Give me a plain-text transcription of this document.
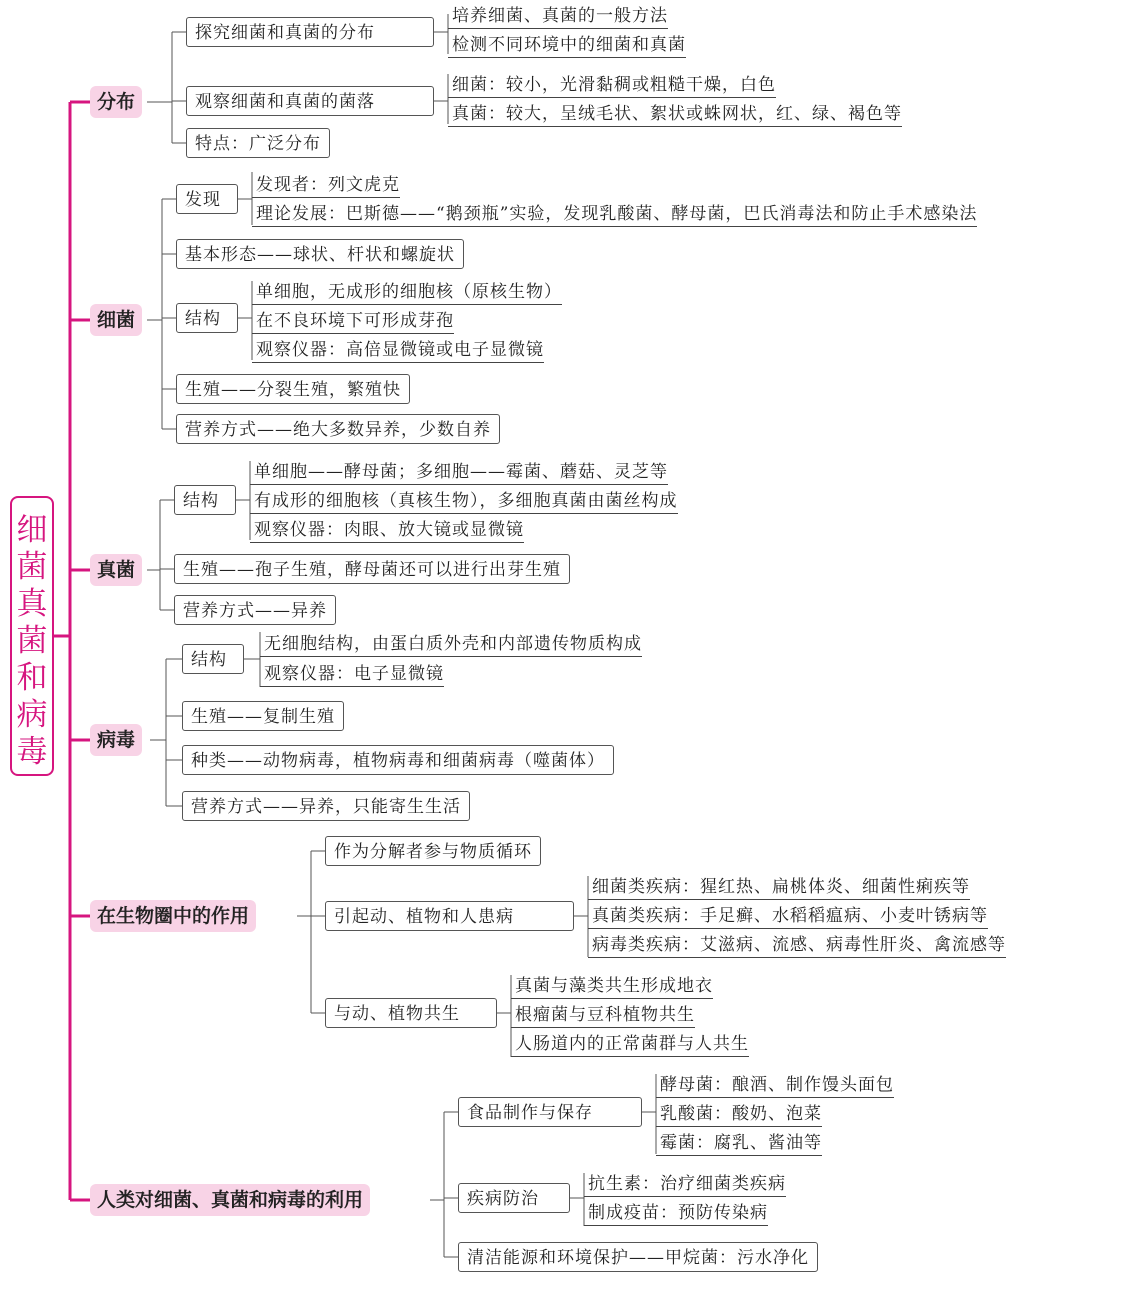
细
菌
真
菌
和
病
毒
分布
探究细菌和真菌的分布
培养细菌、真菌的一般方法
检测不同环境中的细菌和真菌
观察细菌和真菌的菌落
细菌：较小，光滑黏稠或粗糙干燥，白色
真菌：较大，呈绒毛状、絮状或蛛网状，红、绿、褐色等
特点：广泛分布
细菌
发现
发现者：列文虎克
理论发展：巴斯德——“鹅颈瓶”实验，发现乳酸菌、酵母菌，巴氏消毒法和防止手术感染法
基本形态——球状、杆状和螺旋状
结构
单细胞，无成形的细胞核（原核生物）
在不良环境下可形成芽孢
观察仪器：高倍显微镜或电子显微镜
生殖——分裂生殖，繁殖快
营养方式——绝大多数异养，少数自养
真菌
结构
单细胞——酵母菌；多细胞——霉菌、蘑菇、灵芝等
有成形的细胞核（真核生物），多细胞真菌由菌丝构成
观察仪器：肉眼、放大镜或显微镜
生殖——孢子生殖，酵母菌还可以进行出芽生殖
营养方式——异养
病毒
结构
无细胞结构，由蛋白质外壳和内部遗传物质构成
观察仪器：电子显微镜
生殖——复制生殖
种类——动物病毒，植物病毒和细菌病毒（噬菌体）
营养方式——异养，只能寄生生活
在生物圈中的作用
作为分解者参与物质循环
引起动、植物和人患病
细菌类疾病：猩红热、扁桃体炎、细菌性痢疾等
真菌类疾病：手足癣、水稻稻瘟病、小麦叶锈病等
病毒类疾病：艾滋病、流感、病毒性肝炎、禽流感等
与动、植物共生
真菌与藻类共生形成地衣
根瘤菌与豆科植物共生
人肠道内的正常菌群与人共生
人类对细菌、真菌和病毒的利用
食品制作与保存
酵母菌：酿酒、制作馒头面包
乳酸菌：酸奶、泡菜
霉菌：腐乳、酱油等
疾病防治
抗生素：治疗细菌类疾病
制成疫苗：预防传染病
清洁能源和环境保护——甲烷菌：污水净化
